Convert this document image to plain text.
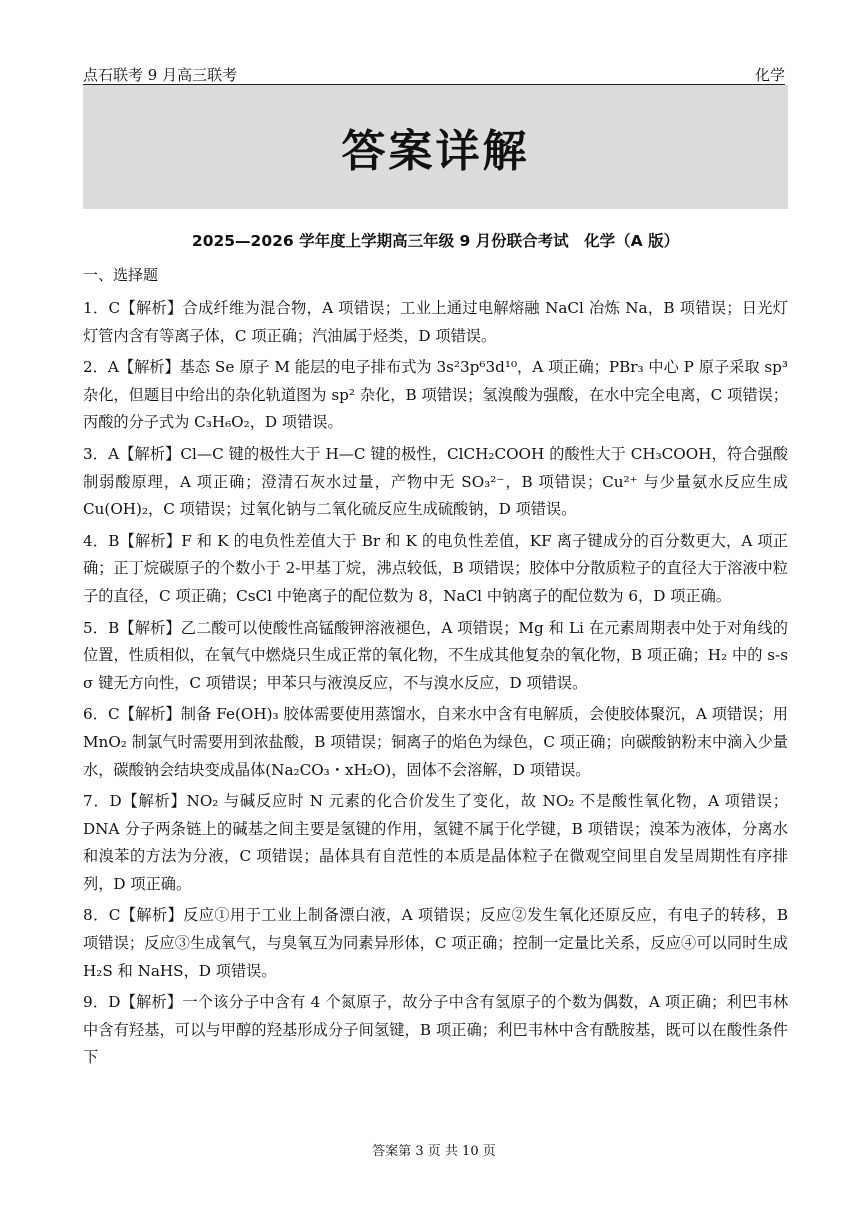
点石联考 9 月高三联考	化学
答案详解
2025—2026 学年度上学期高三年级 9 月份联合考试　化学（A 版）
一、选择题

1．C【解析】合成纤维为混合物，A 项错误；工业上通过电解熔融 NaCl 冶炼 Na，B 项错误；日光灯灯管内含有等离子体，C 项正确；汽油属于烃类，D 项错误。

2．A【解析】基态 Se 原子 M 能层的电子排布式为 3s²3p⁶3d¹⁰，A 项正确；PBr₃ 中心 P 原子采取 sp³ 杂化，但题目中给出的杂化轨道图为 sp² 杂化，B 项错误；氢溴酸为强酸，在水中完全电离，C 项错误；丙酸的分子式为 C₃H₆O₂，D 项错误。

3．A【解析】Cl—C 键的极性大于 H—C 键的极性，ClCH₂COOH 的酸性大于 CH₃COOH，符合强酸制弱酸原理，A 项正确；澄清石灰水过量，产物中无 SO₃²⁻，B 项错误；Cu²⁺ 与少量氨水反应生成 Cu(OH)₂，C 项错误；过氧化钠与二氧化硫反应生成硫酸钠，D 项错误。

4．B【解析】F 和 K 的电负性差值大于 Br 和 K 的电负性差值，KF 离子键成分的百分数更大，A 项正确；正丁烷碳原子的个数小于 2-甲基丁烷，沸点较低，B 项错误；胶体中分散质粒子的直径大于溶液中粒子的直径，C 项正确；CsCl 中铯离子的配位数为 8，NaCl 中钠离子的配位数为 6，D 项正确。

5．B【解析】乙二酸可以使酸性高锰酸钾溶液褪色，A 项错误；Mg 和 Li 在元素周期表中处于对角线的位置，性质相似，在氧气中燃烧只生成正常的氧化物，不生成其他复杂的氧化物，B 项正确；H₂ 中的 s-s σ 键无方向性，C 项错误；甲苯只与液溴反应，不与溴水反应，D 项错误。

6．C【解析】制备 Fe(OH)₃ 胶体需要使用蒸馏水，自来水中含有电解质，会使胶体聚沉，A 项错误；用 MnO₂ 制氯气时需要用到浓盐酸，B 项错误；铜离子的焰色为绿色，C 项正确；向碳酸钠粉末中滴入少量水，碳酸钠会结块变成晶体(Na₂CO₃・xH₂O)，固体不会溶解，D 项错误。

7．D【解析】NO₂ 与碱反应时 N 元素的化合价发生了变化，故 NO₂ 不是酸性氧化物，A 项错误；DNA 分子两条链上的碱基之间主要是氢键的作用，氢键不属于化学键，B 项错误；溴苯为液体，分离水和溴苯的方法为分液，C 项错误；晶体具有自范性的本质是晶体粒子在微观空间里自发呈周期性有序排列，D 项正确。

8．C【解析】反应①用于工业上制备漂白液，A 项错误；反应②发生氧化还原反应，有电子的转移，B 项错误；反应③生成氧气，与臭氧互为同素异形体，C 项正确；控制一定量比关系，反应④可以同时生成 H₂S 和 NaHS，D 项错误。

9．D【解析】一个该分子中含有 4 个氮原子，故分子中含有氢原子的个数为偶数，A 项正确；利巴韦林中含有羟基，可以与甲醇的羟基形成分子间氢键，B 项正确；利巴韦林中含有酰胺基，既可以在酸性条件下

答案第 3 页 共 10 页
